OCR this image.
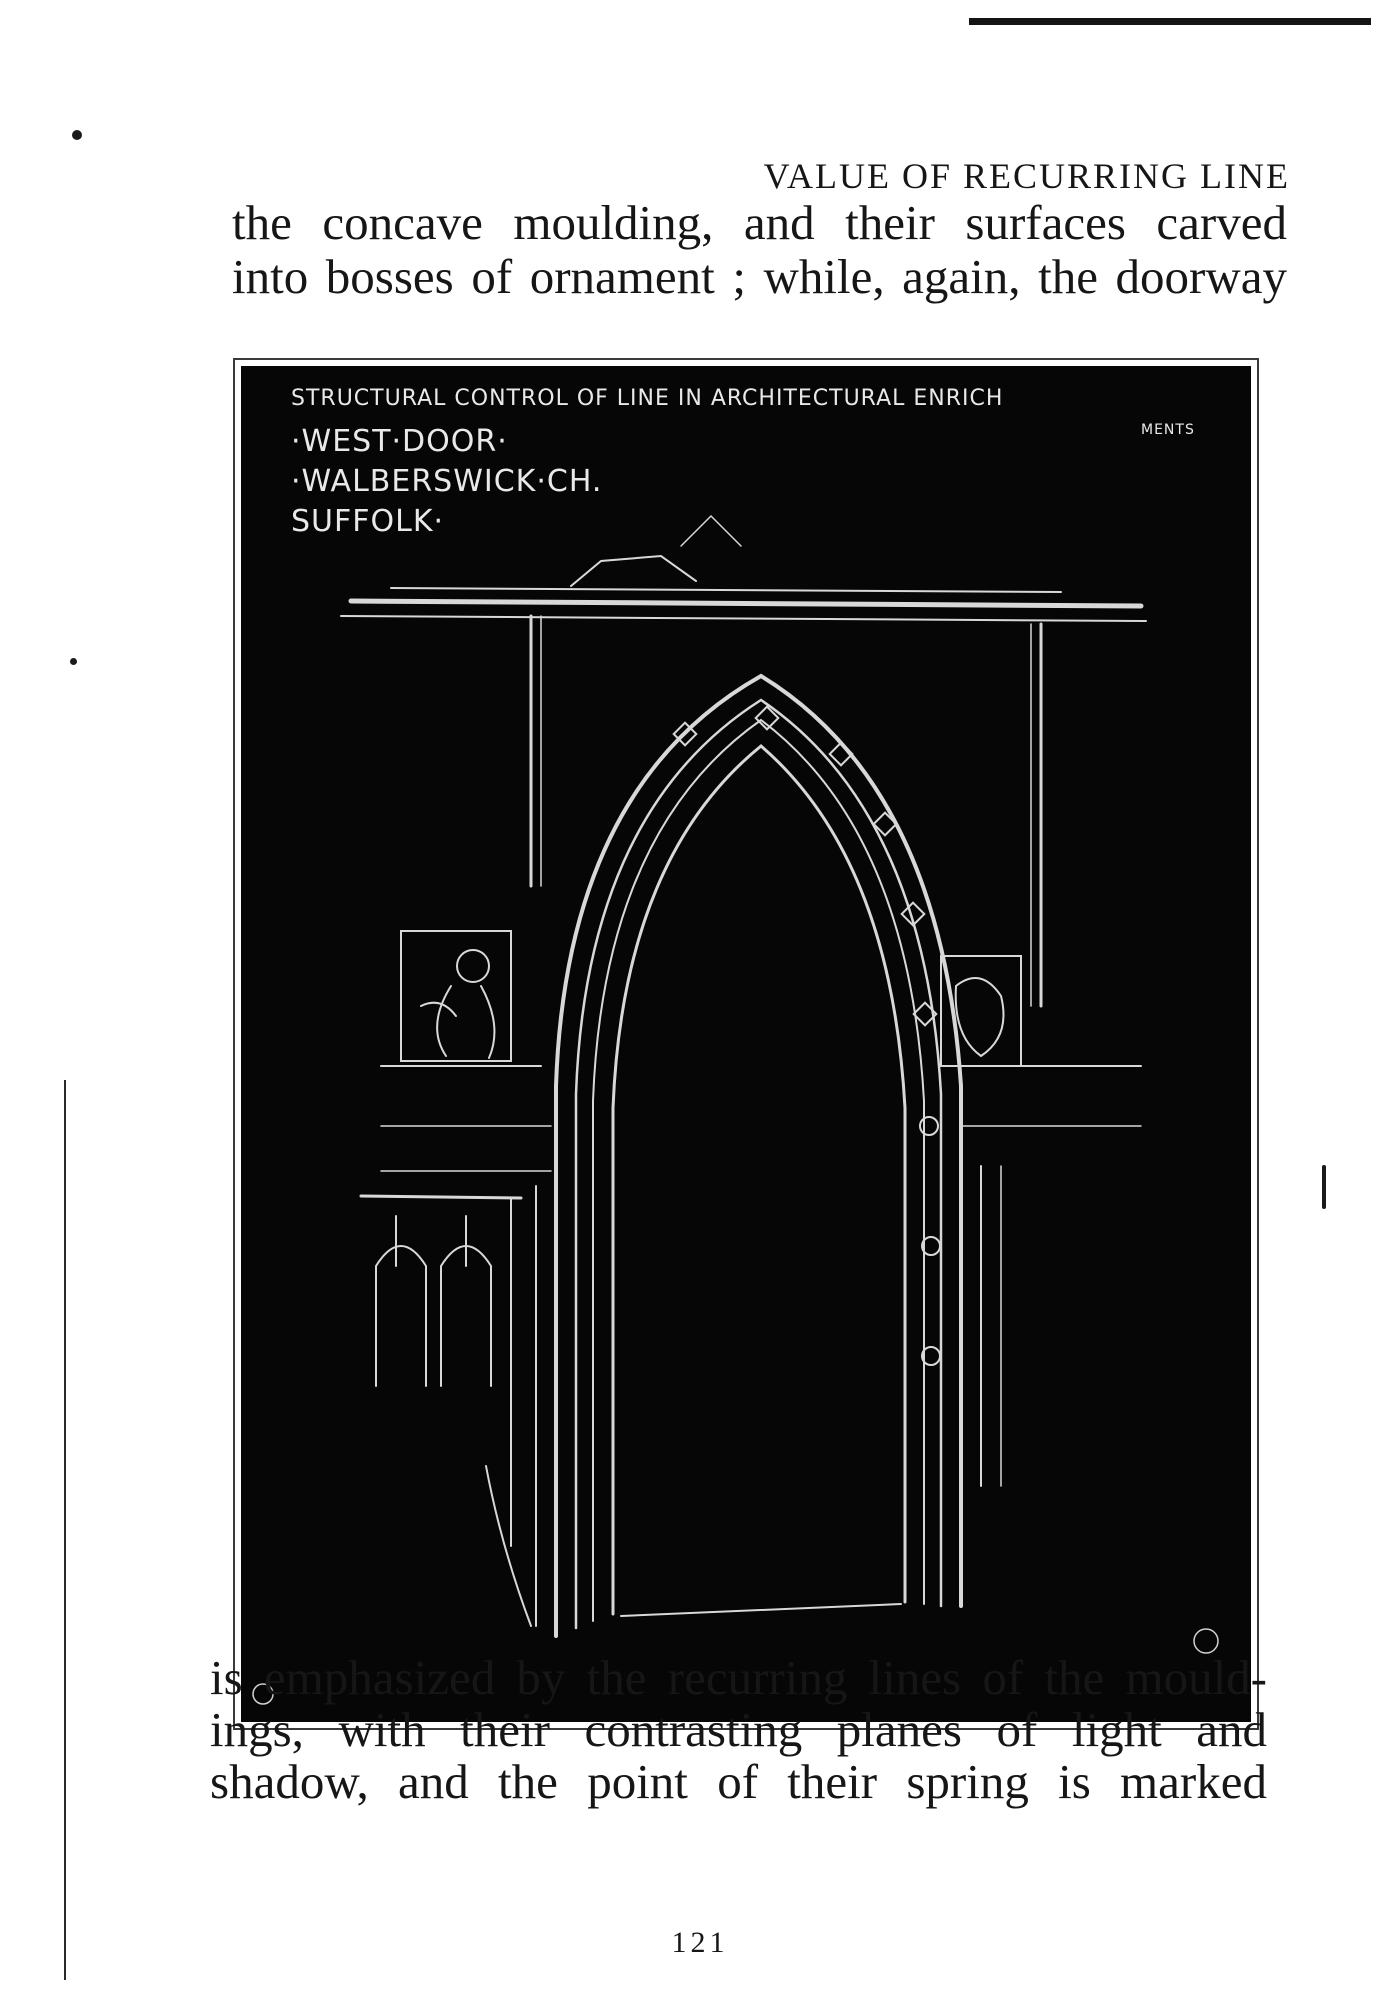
VALUE OF RECURRING LINE

the concave moulding, and their surfaces carved
into bosses of ornament ; while, again, the doorway

STRUCTURAL CONTROL OF LINE IN ARCHITECTURAL ENRICH
MENTS
·WEST·DOOR·
·WALBERSWICK·CH.
SUFFOLK·

is emphasized by the recurring lines of the mould-
ings, with their contrasting planes of light and
shadow, and the point of their spring is marked

121
